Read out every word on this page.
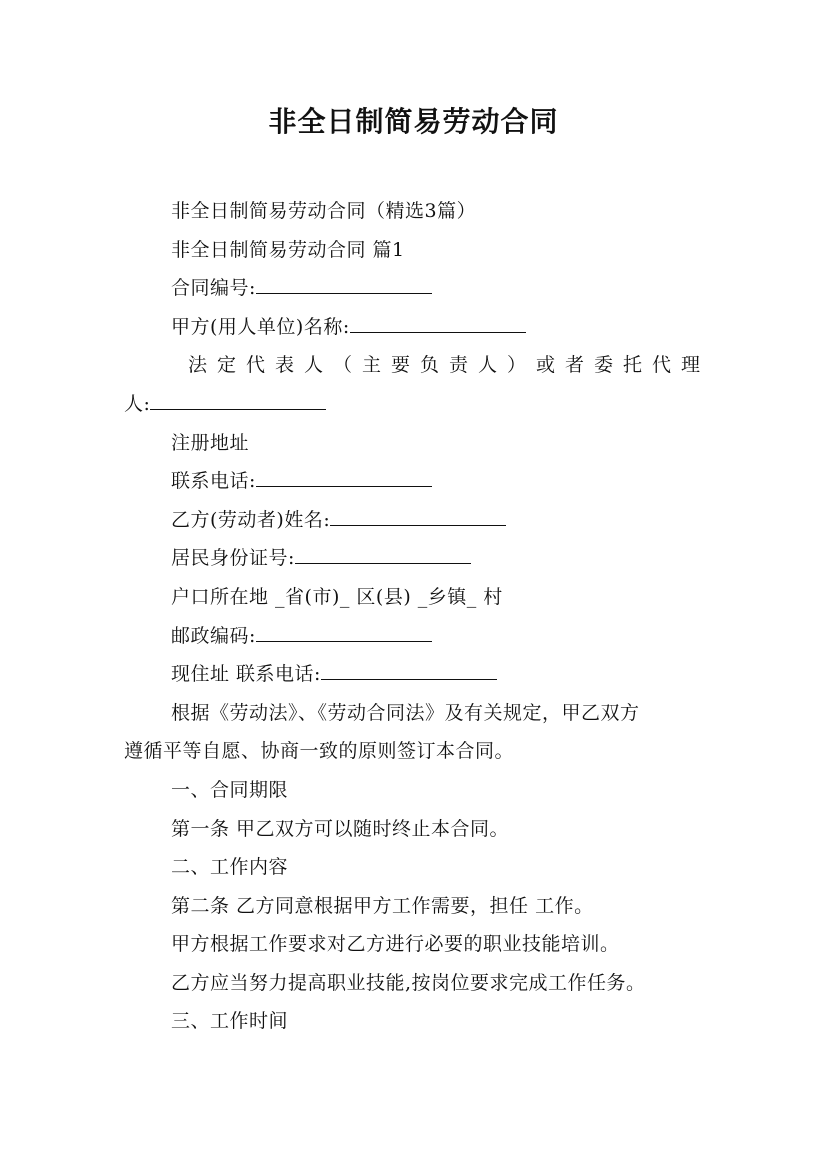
非全日制简易劳动合同
非全日制简易劳动合同（精选3篇）
非全日制简易劳动合同 篇1
合同编号:
甲方(用人单位)名称:
法定代表人（主要负责人）或者委托代理
人:
注册地址
联系电话:
乙方(劳动者)姓名:
居民身份证号:
户口所在地 _省(市)_ 区(县) _乡镇_ 村
邮政编码:
现住址 联系电话:
根据《劳动法》、《劳动合同法》及有关规定，甲乙双方
遵循平等自愿、协商一致的原则签订本合同。
一、合同期限
第一条 甲乙双方可以随时终止本合同。
二、工作内容
第二条 乙方同意根据甲方工作需要，担任 工作。
甲方根据工作要求对乙方进行必要的职业技能培训。
乙方应当努力提高职业技能,按岗位要求完成工作任务。
三、工作时间
